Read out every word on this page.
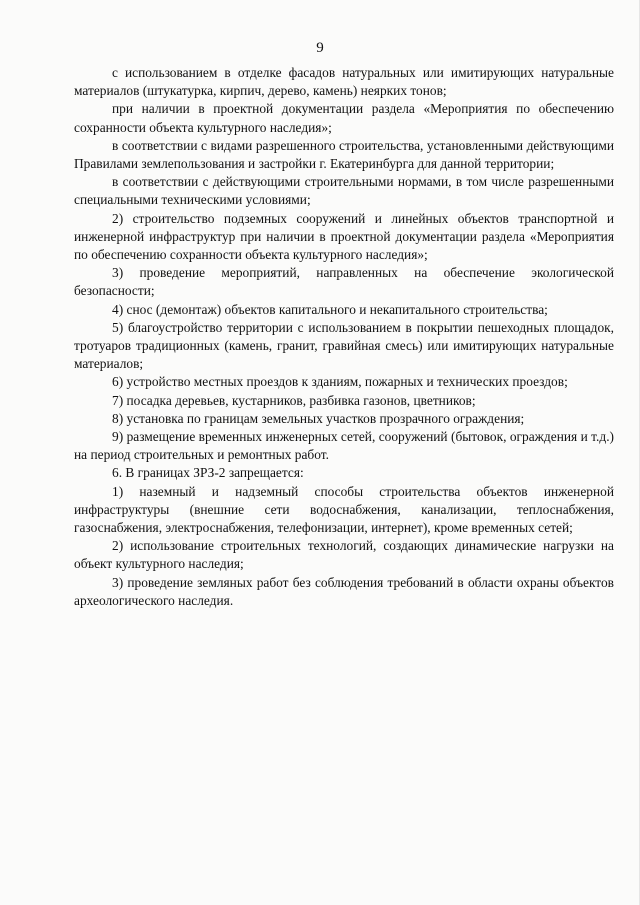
9

с использованием в отделке фасадов натуральных или имитирующих натуральные материалов (штукатурка, кирпич, дерево, камень) неярких тонов;

при наличии в проектной документации раздела «Мероприятия по обеспечению сохранности объекта культурного наследия»;

в соответствии с видами разрешенного строительства, установленными действующими Правилами землепользования и застройки г. Екатеринбурга для данной территории;

в соответствии с действующими строительными нормами, в том числе разрешенными специальными техническими условиями;

2) строительство подземных сооружений и линейных объектов транспортной и инженерной инфраструктур при наличии в проектной документации раздела «Мероприятия по обеспечению сохранности объекта культурного наследия»;

3) проведение мероприятий, направленных на обеспечение экологической безопасности;

4) снос (демонтаж) объектов капитального и некапитального строительства;

5) благоустройство территории с использованием в покрытии пешеходных площадок, тротуаров традиционных (камень, гранит, гравийная смесь) или имитирующих натуральные материалов;

6) устройство местных проездов к зданиям, пожарных и технических проездов;

7) посадка деревьев, кустарников, разбивка газонов, цветников;

8) установка по границам земельных участков прозрачного ограждения;

9) размещение временных инженерных сетей, сооружений (бытовок, ограждения и т.д.) на период строительных и ремонтных работ.

6. В границах ЗРЗ-2 запрещается:

1) наземный и надземный способы строительства объектов инженерной инфраструктуры (внешние сети водоснабжения, канализации, теплоснабжения, газоснабжения, электроснабжения, телефонизации, интернет), кроме временных сетей;

2) использование строительных технологий, создающих динамические нагрузки на объект культурного наследия;

3) проведение земляных работ без соблюдения требований в области охраны объектов археологического наследия.
